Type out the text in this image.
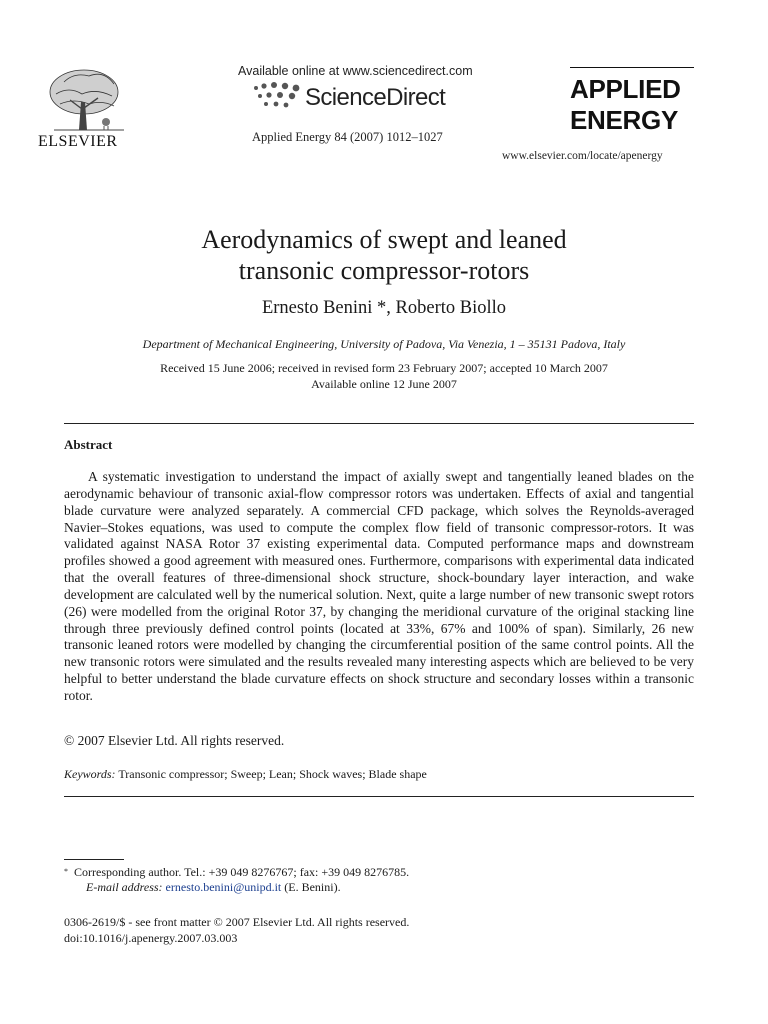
ELSEVIER
Available online at www.sciencedirect.com
ScienceDirect
Applied Energy 84 (2007) 1012–1027
APPLIED
ENERGY
www.elsevier.com/locate/apenergy
Aerodynamics of swept and leaned
transonic compressor-rotors
Ernesto Benini *, Roberto Biollo
Department of Mechanical Engineering, University of Padova, Via Venezia, 1 – 35131 Padova, Italy
Received 15 June 2006; received in revised form 23 February 2007; accepted 10 March 2007
Available online 12 June 2007
Abstract

A systematic investigation to understand the impact of axially swept and tangentially leaned blades on the aerodynamic behaviour of transonic axial-flow compressor rotors was undertaken. Effects of axial and tangential blade curvature were analyzed separately. A commercial CFD package, which solves the Reynolds-averaged Navier–Stokes equations, was used to compute the complex flow field of transonic compressor-rotors. It was validated against NASA Rotor 37 existing experimental data. Computed performance maps and downstream profiles showed a good agreement with measured ones. Furthermore, comparisons with experimental data indicated that the overall features of three-dimensional shock structure, shock-boundary layer interaction, and wake development are calculated well by the numerical solution. Next, quite a large number of new transonic swept rotors (26) were modelled from the original Rotor 37, by changing the meridional curvature of the original stacking line through three previously defined control points (located at 33%, 67% and 100% of span). Similarly, 26 new transonic leaned rotors were modelled by changing the circumferential position of the same control points. All the new transonic rotors were simulated and the results revealed many interesting aspects which are believed to be very helpful to better understand the blade curvature effects on shock structure and secondary losses within a transonic rotor.

© 2007 Elsevier Ltd. All rights reserved.
Keywords: Transonic compressor; Sweep; Lean; Shock waves; Blade shape
* Corresponding author. Tel.: +39 049 8276767; fax: +39 049 8276785.
E-mail address: ernesto.benini@unipd.it (E. Benini).
0306-2619/$ - see front matter © 2007 Elsevier Ltd. All rights reserved.
doi:10.1016/j.apenergy.2007.03.003
